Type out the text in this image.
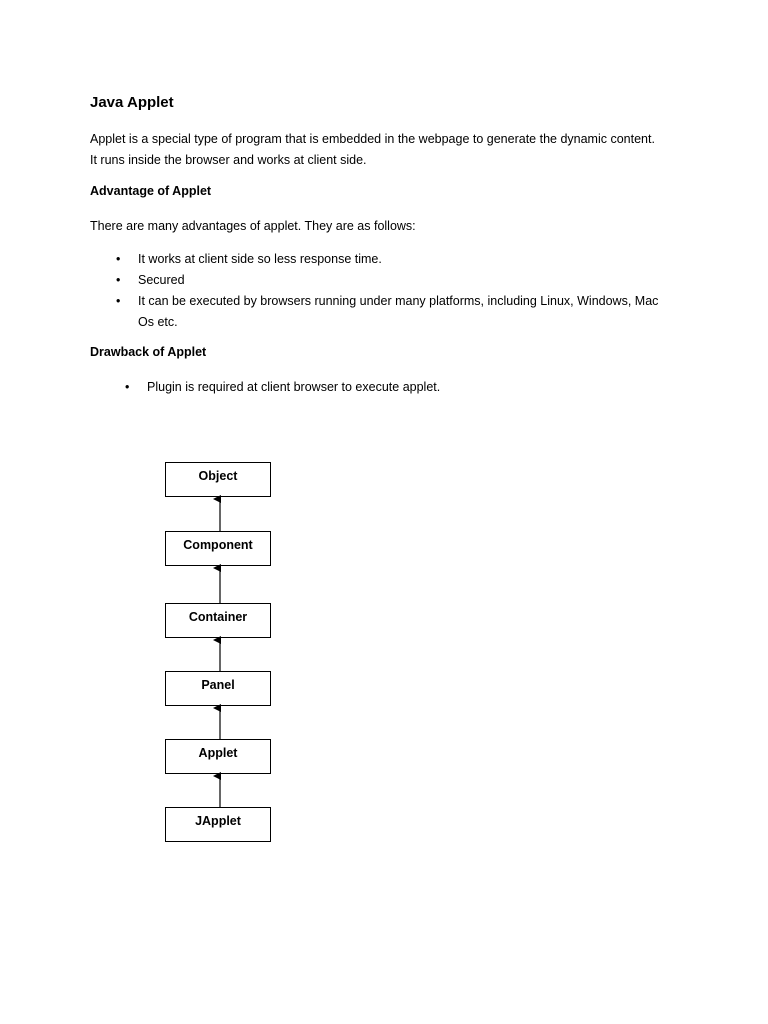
Java Applet
Applet is a special type of program that is embedded in the webpage to generate the dynamic content.
It runs inside the browser and works at client side.
Advantage of Applet

There are many advantages of applet. They are as follows:

• It works at client side so less response time.
• Secured
• It can be executed by browsers running under many platforms, including Linux, Windows, Mac
Os etc.
Drawback of Applet
• Plugin is required at client browser to execute applet.
Object
Component
Container
Panel
Applet
JApplet
